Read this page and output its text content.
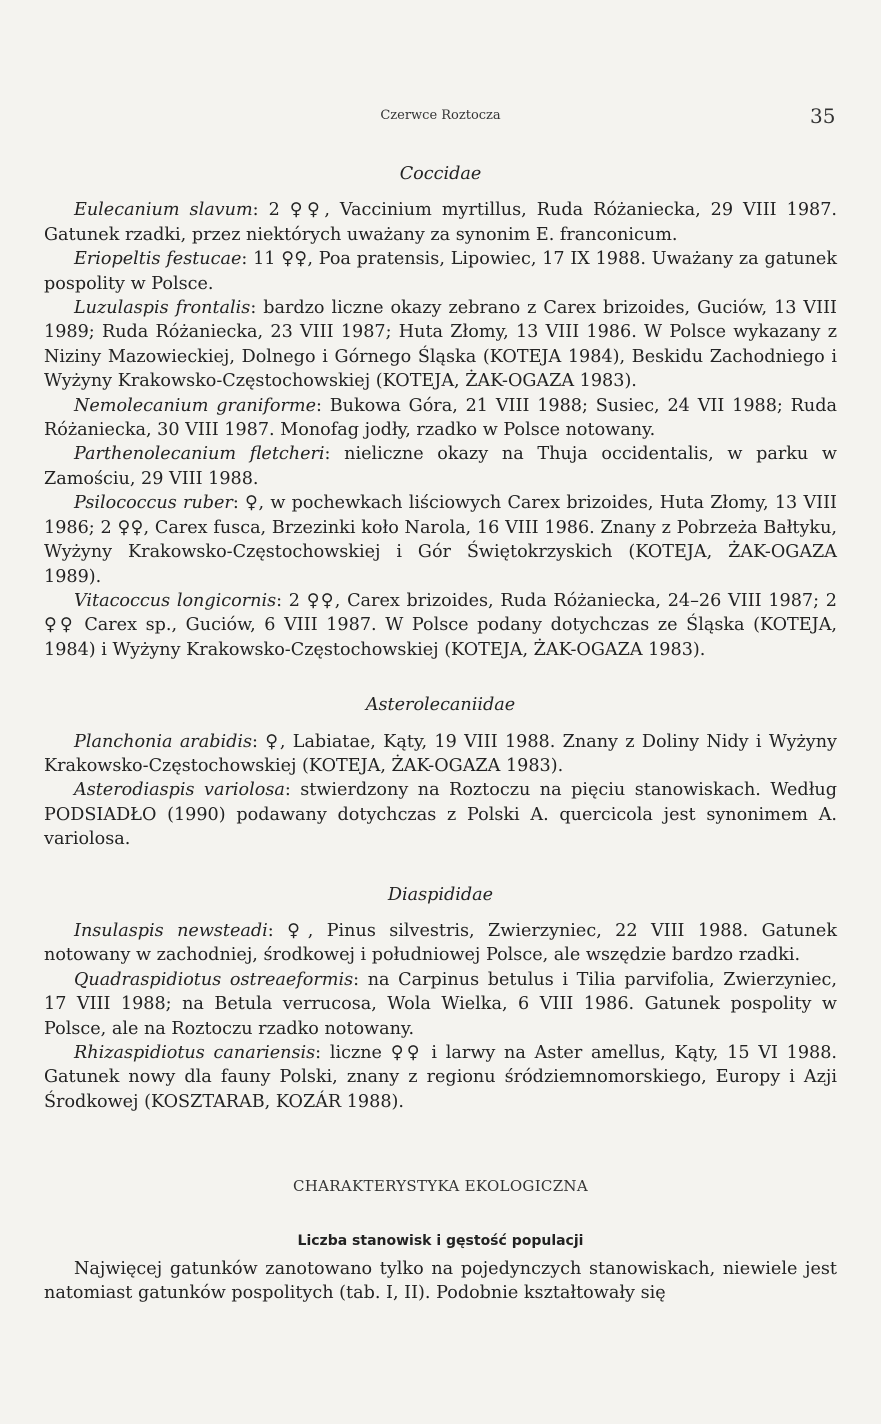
Czerwce Roztocza	35
Coccidae

Eulecanium slavum: 2 ♀♀, Vaccinium myrtillus, Ruda Różaniecka, 29 VIII 1987. Gatunek rzadki, przez niektórych uważany za synonim E. franconicum.

Eriopeltis festucae: 11 ♀♀, Poa pratensis, Lipowiec, 17 IX 1988. Uważany za gatunek pospolity w Polsce.

Luzulaspis frontalis: bardzo liczne okazy zebrano z Carex brizoides, Guciów, 13 VIII 1989; Ruda Różaniecka, 23 VIII 1987; Huta Złomy, 13 VIII 1986. W Polsce wykazany z Niziny Mazowieckiej, Dolnego i Górnego Śląska (KOTEJA 1984), Beskidu Zachodniego i Wyżyny Krakowsko-Częstochowskiej (KOTEJA, ŻAK-OGAZA 1983).

Nemolecanium graniforme: Bukowa Góra, 21 VIII 1988; Susiec, 24 VII 1988; Ruda Różaniecka, 30 VIII 1987. Monofag jodły, rzadko w Polsce notowany.

Parthenolecanium fletcheri: nieliczne okazy na Thuja occidentalis, w parku w Zamościu, 29 VIII 1988.

Psilococcus ruber: ♀, w pochewkach liściowych Carex brizoides, Huta Złomy, 13 VIII 1986; 2 ♀♀, Carex fusca, Brzezinki koło Narola, 16 VIII 1986. Znany z Pobrzeża Bałtyku, Wyżyny Krakowsko-Częstochowskiej i Gór Świętokrzyskich (KOTEJA, ŻAK-OGAZA 1989).

Vitacoccus longicornis: 2 ♀♀, Carex brizoides, Ruda Różaniecka, 24–26 VIII 1987; 2 ♀♀ Carex sp., Guciów, 6 VIII 1987. W Polsce podany dotychczas ze Śląska (KOTEJA, 1984) i Wyżyny Krakowsko-Częstochowskiej (KOTEJA, ŻAK-OGAZA 1983).

Asterolecaniidae

Planchonia arabidis: ♀, Labiatae, Kąty, 19 VIII 1988. Znany z Doliny Nidy i Wyżyny Krakowsko-Częstochowskiej (KOTEJA, ŻAK-OGAZA 1983).

Asterodiaspis variolosa: stwierdzony na Roztoczu na pięciu stanowiskach. Według PODSIADŁO (1990) podawany dotychczas z Polski A. quercicola jest synonimem A. variolosa.

Diaspididae

Insulaspis newsteadi: ♀, Pinus silvestris, Zwierzyniec, 22 VIII 1988. Gatunek notowany w zachodniej, środkowej i południowej Polsce, ale wszędzie bardzo rzadki.

Quadraspidiotus ostreaeformis: na Carpinus betulus i Tilia parvifolia, Zwierzyniec, 17 VIII 1988; na Betula verrucosa, Wola Wielka, 6 VIII 1986. Gatunek pospolity w Polsce, ale na Roztoczu rzadko notowany.

Rhizaspidiotus canariensis: liczne ♀♀ i larwy na Aster amellus, Kąty, 15 VI 1988. Gatunek nowy dla fauny Polski, znany z regionu śródziemnomorskiego, Europy i Azji Środkowej (KOSZTARAB, KOZÁR 1988).

CHARAKTERYSTYKA EKOLOGICZNA
Liczba stanowisk i gęstość populacji

Najwięcej gatunków zanotowano tylko na pojedynczych stanowiskach, niewiele jest natomiast gatunków pospolitych (tab. I, II). Podobnie kształtowały się
